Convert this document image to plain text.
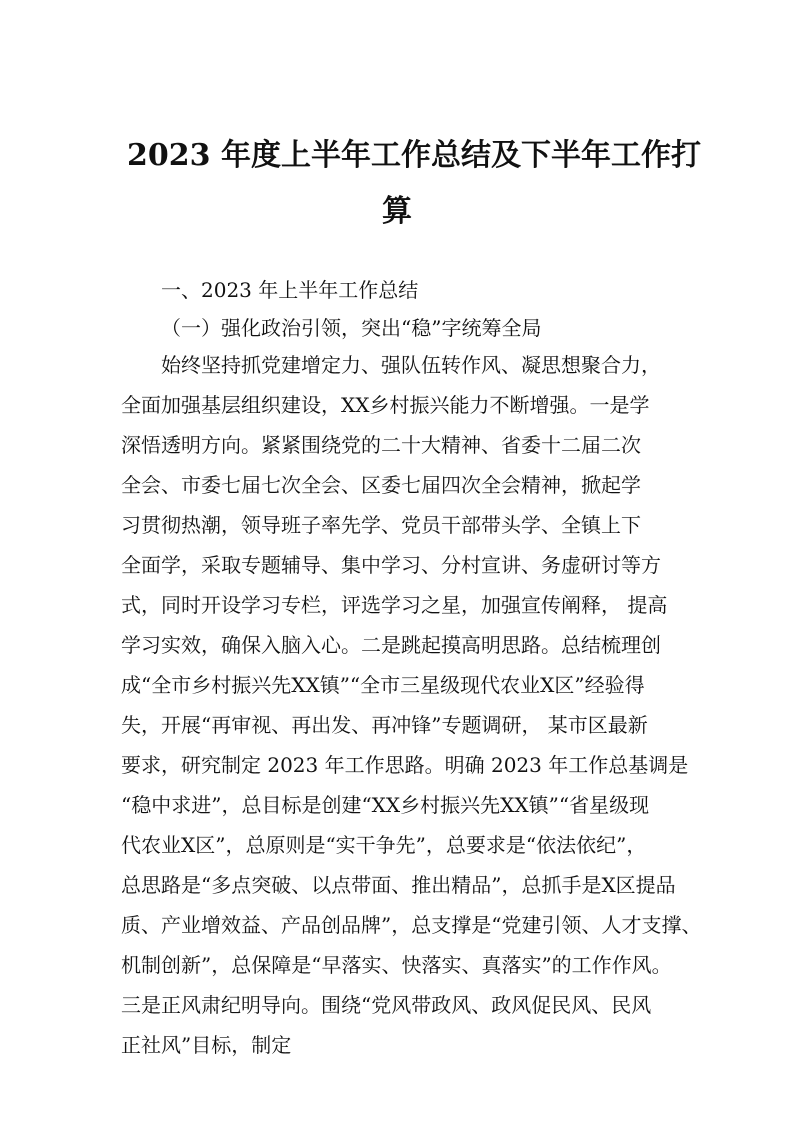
2023 年度上半年工作总结及下半年工作打
算
一、2023 年上半年工作总结
（一）强化政治引领，突出“稳”字统筹全局
始终坚持抓党建增定力、强队伍转作风、凝思想聚合力，
全面加强基层组织建设，XX乡村振兴能力不断增强。一是学
深悟透明方向。紧紧围绕党的二十大精神、省委十二届二次
全会、市委七届七次全会、区委七届四次全会精神，掀起学
习贯彻热潮，领导班子率先学、党员干部带头学、全镇上下
全面学，采取专题辅导、集中学习、分村宣讲、务虚研讨等方
式，同时开设学习专栏，评选学习之星，加强宣传阐释， 提高
学习实效，确保入脑入心。二是跳起摸高明思路。总结梳理创
成“全市乡村振兴先XX镇”“全市三星级现代农业X区”经验得
失，开展“再审视、再出发、再冲锋”专题调研， 某市区最新
要求，研究制定 2023 年工作思路。明确 2023 年工作总基调是
“稳中求进”，总目标是创建“XX乡村振兴先XX镇”“省星级现
代农业X区”，总原则是“实干争先”，总要求是“依法依纪”，
总思路是“多点突破、以点带面、推出精品”，总抓手是X区提品
质、产业增效益、产品创品牌”，总支撑是“党建引领、人才支撑、
机制创新”，总保障是“早落实、快落实、真落实”的工作作风。
三是正风肃纪明导向。围绕“党风带政风、政风促民风、民风
正社风”目标，制定
